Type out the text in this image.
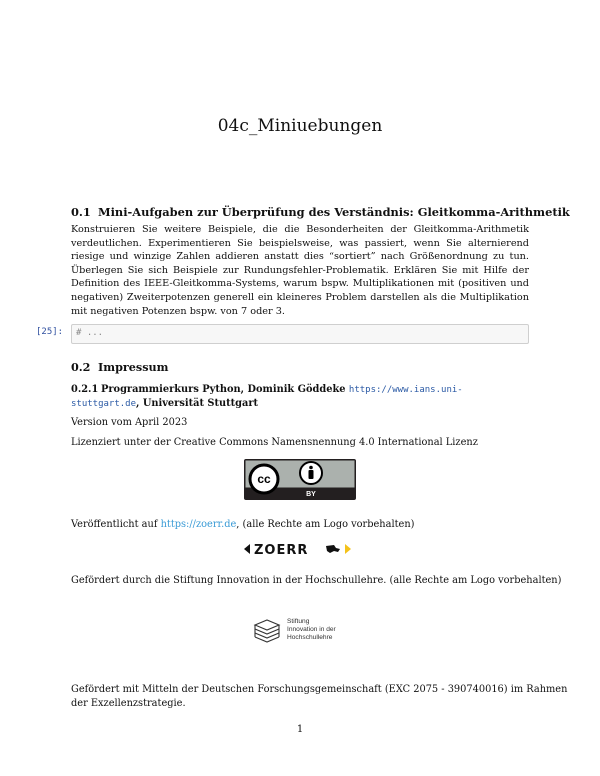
04c_Miniuebungen
0.1 Mini-Aufgaben zur Überprüfung des Verständnis: Gleitkomma-Arithmetik
Konstruieren Sie weitere Beispiele, die die Besonderheiten der Gleitkomma-Arithmetik verdeutlichen. Experimentieren Sie beispielsweise, was passiert, wenn Sie alternierend riesige und winzige Zahlen addieren anstatt dies “sortiert” nach Größenordnung zu tun. Überlegen Sie sich Beispiele zur Rundungsfehler-Problematik. Erklären Sie mit Hilfe der Definition des IEEE-Gleitkomma-Systems, warum bspw. Multiplikationen mit (positiven und negativen) Zweiterpotenzen generell ein kleineres Problem darstellen als die Multiplikation mit negativen Potenzen bspw. von 7 oder 3.
[25]: # ...
0.2 Impressum
0.2.1 Programmierkurs Python, Dominik Göddeke https://www.ians.uni-stuttgart.de, Universität Stuttgart
Version vom April 2023
Lizenziert unter der Creative Commons Namensnennung 4.0 International Lizenz
cc
BY
Veröffentlicht auf https://zoerr.de, (alle Rechte am Logo vorbehalten)
ZOERR
Gefördert durch die Stiftung Innovation in der Hochschullehre. (alle Rechte am Logo vorbehalten)
Stiftung
Innovation in der
Hochschullehre
Gefördert mit Mitteln der Deutschen Forschungsgemeinschaft (EXC 2075 - 390740016) im Rahmen
der Exzellenzstrategie.
1
